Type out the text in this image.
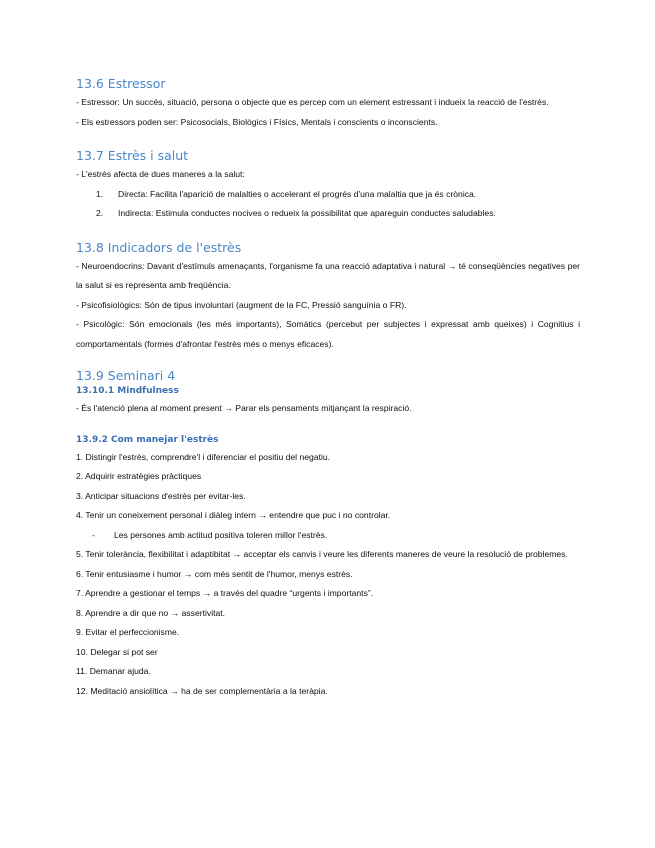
13.6 Estressor

- Estressor: Un succés, situació, persona o objecte que es percep com un element estressant i indueix la reacció de l'estrès.

- Els estressors poden ser: Psicosocials, Biològics i Físics, Mentals i conscients o inconscients.

13.7 Estrès i salut

- L'estrès afecta de dues maneres a la salut:

1. Directa: Facilita l'aparició de malalties o accelerant el progrés d'una malaltia que ja és crònica.

2. Indirecta: Estimula conductes nocives o redueix la possibilitat que apareguin conductes saludables.

13.8 Indicadors de l'estrès

- Neuroendocrins: Davant d'estímuls amenaçants, l'organisme fa una reacció adaptativa i natural → té conseqüències negatives per la salut si es representa amb freqüència.

- Psicofisiològics: Són de tipus involuntari (augment de la FC, Pressió sanguínia o FR).

- Psicològic: Són emocionals (les més importants), Somàtics (percebut per subjectes i expressat amb queixes) i Cognitius i comportamentals (formes d'afrontar l'estrès més o menys eficaces).

13.9 Seminari 4
13.10.1 Mindfulness

- És l'atenció plena al moment present → Parar els pensaments mitjançant la respiració.

13.9.2 Com manejar l'estrès

1. Distingir l'estrès, comprendre'l i diferenciar el positiu del negatiu.

2. Adquirir estratègies pràctiques

3. Anticipar situacions d'estrès per evitar-les.

4. Tenir un coneixement personal i diàleg intern → entendre que puc i no controlar.

- Les persones amb actitud positiva toleren millor l'estrès.

5. Tenir tolerància, flexibilitat i adaptibitat → acceptar els canvis i veure les diferents maneres de veure la resolució de problemes.

6. Tenir entusiasme i humor → com més sentit de l'humor, menys estrès.

7. Aprendre a gestionar el temps → a través del quadre “urgents i importants”.

8. Aprendre a dir que no → assertivitat.

9. Evitar el perfeccionisme.

10. Delegar si pot ser

11. Demanar ajuda.

12. Meditació ansiolítica → ha de ser complementària a la teràpia.
